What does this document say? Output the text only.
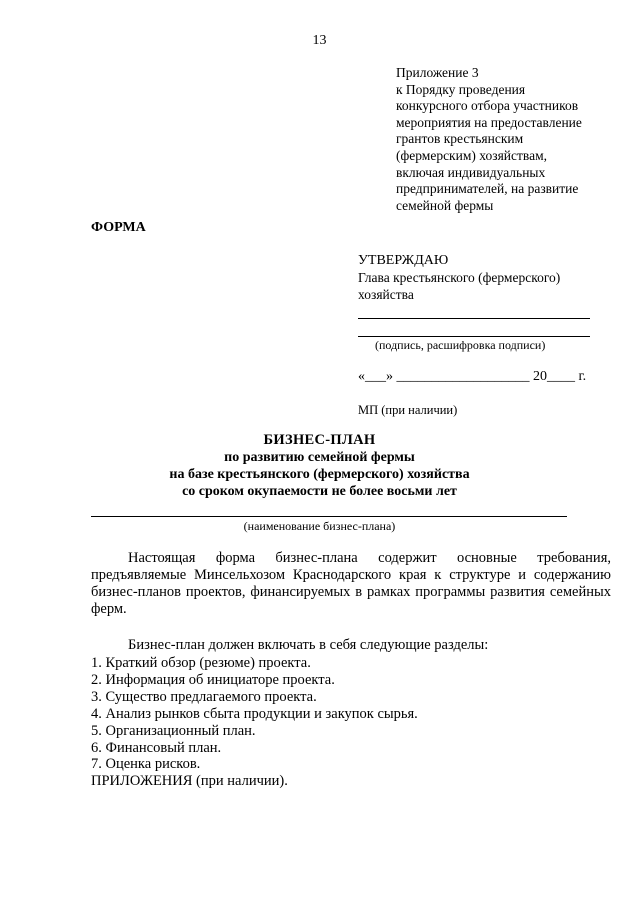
13
Приложение 3
к Порядку проведения
конкурсного отбора участников
мероприятия на предоставление
грантов крестьянским
(фермерским) хозяйствам,
включая индивидуальных
предпринимателей, на развитие
семейной фермы
ФОРМА
УТВЕРЖДАЮ
Глава крестьянского (фермерского)
хозяйства
(подпись, расшифровка подписи)
«___» ___________________ 20____ г.
МП (при наличии)
БИЗНЕС-ПЛАН
по развитию семейной фермы
на базе крестьянского (фермерского) хозяйства
со сроком окупаемости не более восьми лет
(наименование бизнес-плана)
Настоящая форма бизнес-плана содержит основные требования, предъявляемые Минсельхозом Краснодарского края к структуре и содержанию бизнес-планов проектов, финансируемых в рамках программы развития семейных ферм.
Бизнес-план должен включать в себя следующие разделы:
1. Краткий обзор (резюме) проекта.
2. Информация об инициаторе проекта.
3. Существо предлагаемого проекта.
4. Анализ рынков сбыта продукции и закупок сырья.
5. Организационный план.
6. Финансовый план.
7. Оценка рисков.
ПРИЛОЖЕНИЯ (при наличии).
